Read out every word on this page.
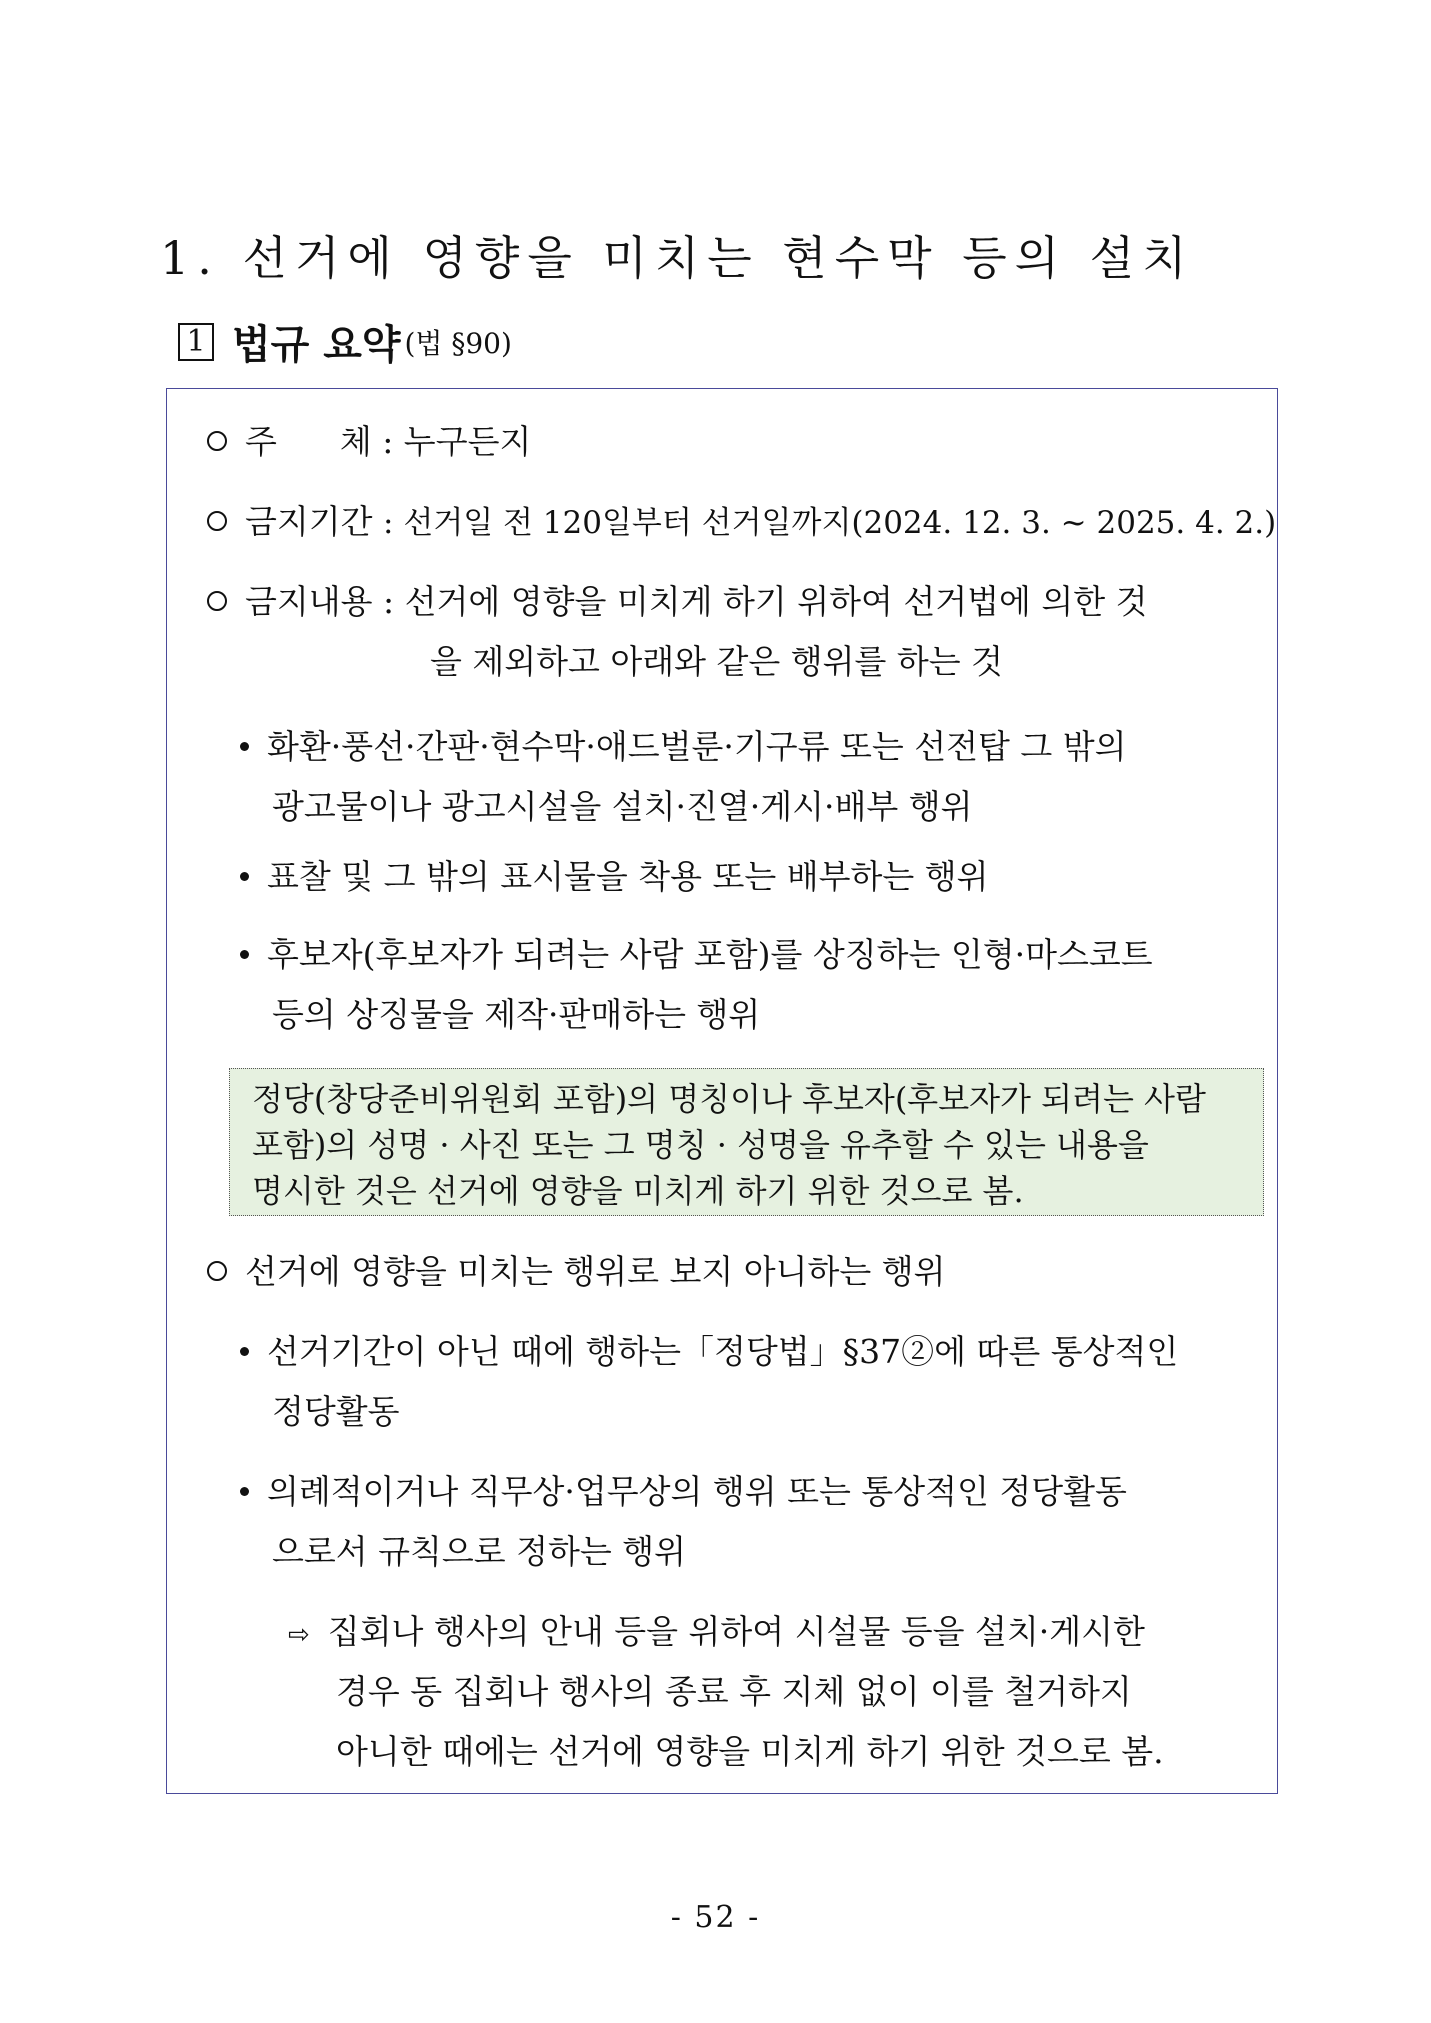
1. 선거에 영향을 미치는 현수막 등의 설치
1 법규 요약 (법 §90)
주      체 : 누구든지
금지기간 : 선거일 전 120일부터 선거일까지(2024. 12. 3. ~ 2025. 4. 2.)
금지내용 : 선거에 영향을 미치게 하기 위하여 선거법에 의한 것
을 제외하고 아래와 같은 행위를 하는 것
화환·풍선·간판·현수막·애드벌룬·기구류 또는 선전탑 그 밖의
광고물이나 광고시설을 설치·진열·게시·배부 행위
표찰 및 그 밖의 표시물을 착용 또는 배부하는 행위
후보자(후보자가 되려는 사람 포함)를 상징하는 인형·마스코트
등의 상징물을 제작·판매하는 행위
정당(창당준비위원회 포함)의 명칭이나 후보자(후보자가 되려는 사람
포함)의 성명 · 사진 또는 그 명칭 · 성명을 유추할 수 있는 내용을
명시한 것은 선거에 영향을 미치게 하기 위한 것으로 봄.
선거에 영향을 미치는 행위로 보지 아니하는 행위
선거기간이 아닌 때에 행하는「정당법」§37②에 따른 통상적인
정당활동
의례적이거나 직무상·업무상의 행위 또는 통상적인 정당활동
으로서 규칙으로 정하는 행위
⇨ 집회나 행사의 안내 등을 위하여 시설물 등을 설치·게시한
경우 동 집회나 행사의 종료 후 지체 없이 이를 철거하지
아니한 때에는 선거에 영향을 미치게 하기 위한 것으로 봄.
- 52 -
